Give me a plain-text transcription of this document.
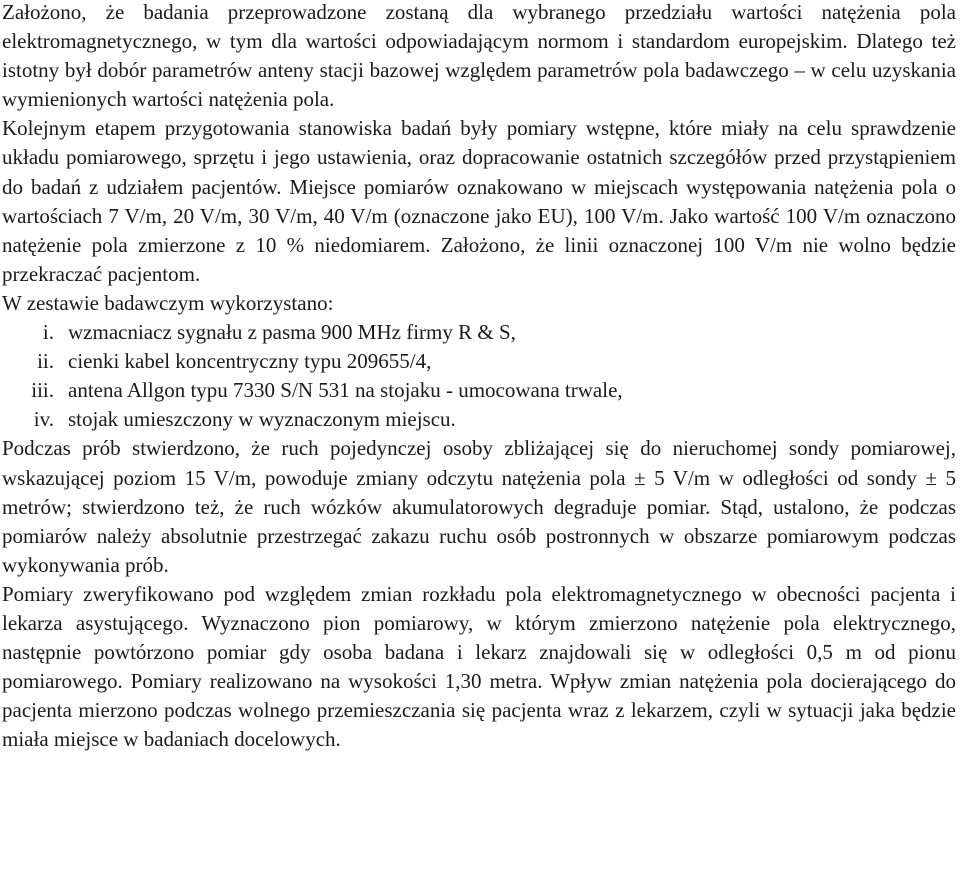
Założono, że badania przeprowadzone zostaną dla wybranego przedziału wartości natężenia pola elektromagnetycznego, w tym dla wartości odpowiadającym normom i standardom europejskim. Dlatego też istotny był dobór parametrów anteny stacji bazowej względem parametrów pola badawczego – w celu uzyskania wymienionych wartości natężenia pola.

Kolejnym etapem przygotowania stanowiska badań były pomiary wstępne, które miały na celu sprawdzenie układu pomiarowego, sprzętu i jego ustawienia, oraz dopracowanie ostatnich szczegółów przed przystąpieniem do badań z udziałem pacjentów. Miejsce pomiarów oznakowano w miejscach występowania natężenia pola o wartościach 7 V/m, 20 V/m, 30 V/m, 40 V/m (oznaczone jako EU), 100 V/m. Jako wartość 100 V/m oznaczono natężenie pola zmierzone z 10 % niedomiarem. Założono, że linii oznaczonej 100 V/m nie wolno będzie przekraczać pacjentom.

W zestawie badawczym wykorzystano:

i. wzmacniacz sygnału z pasma 900 MHz firmy R & S,
ii. cienki kabel koncentryczny typu 209655/4,
iii. antena Allgon typu 7330 S/N 531 na stojaku - umocowana trwale,
iv. stojak umieszczony w wyznaczonym miejscu.

Podczas prób stwierdzono, że ruch pojedynczej osoby zbliżającej się do nieruchomej sondy pomiarowej, wskazującej poziom 15 V/m, powoduje zmiany odczytu natężenia pola ± 5 V/m w odległości od sondy ± 5 metrów; stwierdzono też, że ruch wózków akumulatorowych degraduje pomiar. Stąd, ustalono, że podczas pomiarów należy absolutnie przestrzegać zakazu ruchu osób postronnych w obszarze pomiarowym podczas wykonywania prób.

Pomiary zweryfikowano pod względem zmian rozkładu pola elektromagnetycznego w obecności pacjenta i lekarza asystującego. Wyznaczono pion pomiarowy, w którym zmierzono natężenie pola elektrycznego, następnie powtórzono pomiar gdy osoba badana i lekarz znajdowali się w odległości 0,5 m od pionu pomiarowego. Pomiary realizowano na wysokości 1,30 metra. Wpływ zmian natężenia pola docierającego do pacjenta mierzono podczas wolnego przemieszczania się pacjenta wraz z lekarzem, czyli w sytuacji jaka będzie miała miejsce w badaniach docelowych.
